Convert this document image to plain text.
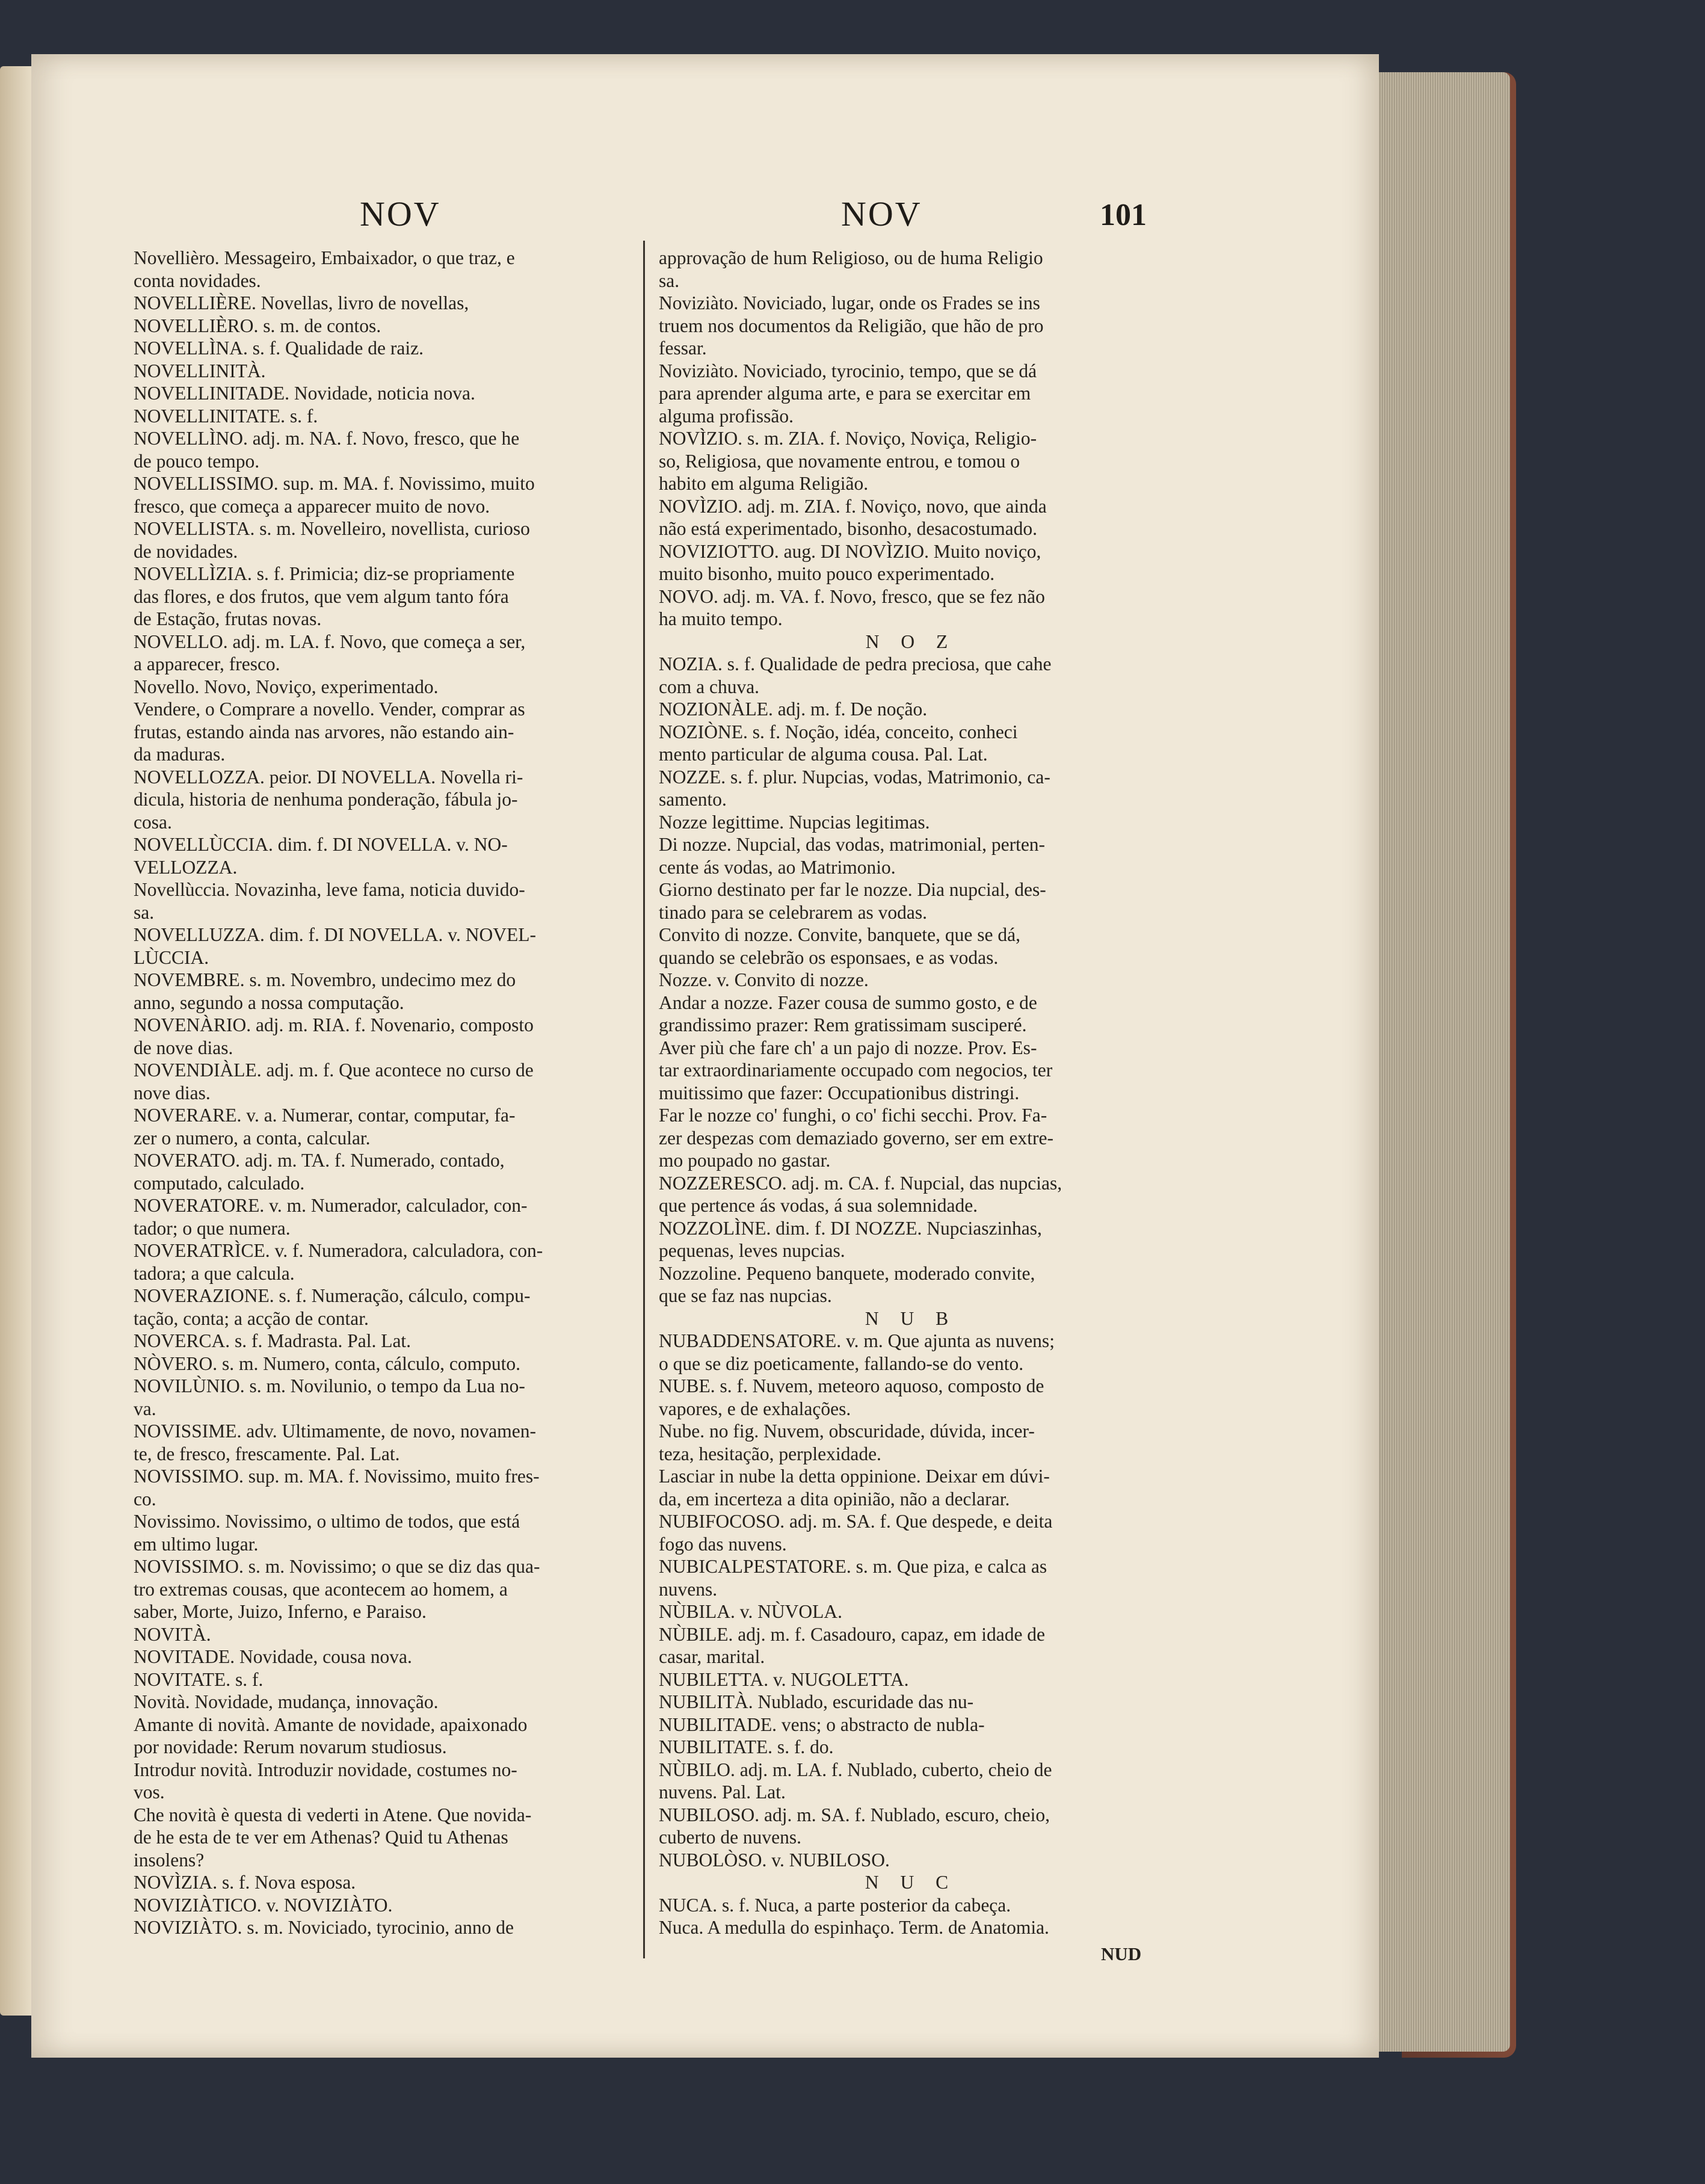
NOV	NOV	101
Novellièro. Messageiro, Embaixador, o que traz, e
conta novidades.
NOVELLIÈRE. Novellas, livro de novellas,
NOVELLIÈRO. s. m. de contos.
NOVELLÌNA. s. f. Qualidade de raiz.
NOVELLINITÀ.
NOVELLINITADE. Novidade, noticia nova.
NOVELLINITATE. s. f.
NOVELLÌNO. adj. m. NA. f. Novo, fresco, que he
de pouco tempo.
NOVELLISSIMO. sup. m. MA. f. Novissimo, muito
fresco, que começa a apparecer muito de novo.
NOVELLISTA. s. m. Novelleiro, novellista, curioso
de novidades.
NOVELLÌZIA. s. f. Primicia; diz-se propriamente
das flores, e dos frutos, que vem algum tanto fóra
de Estação, frutas novas.
NOVELLO. adj. m. LA. f. Novo, que começa a ser,
a apparecer, fresco.
Novello. Novo, Noviço, experimentado.
Vendere, o Comprare a novello. Vender, comprar as
frutas, estando ainda nas arvores, não estando ain-
da maduras.
NOVELLOZZA. peior. DI NOVELLA. Novella ri-
dicula, historia de nenhuma ponderação, fábula jo-
cosa.
NOVELLÙCCIA. dim. f. DI NOVELLA. v. NO-
VELLOZZA.
Novellùccia. Novazinha, leve fama, noticia duvido-
sa.
NOVELLUZZA. dim. f. DI NOVELLA. v. NOVEL-
LÙCCIA.
NOVEMBRE. s. m. Novembro, undecimo mez do
anno, segundo a nossa computação.
NOVENÀRIO. adj. m. RIA. f. Novenario, composto
de nove dias.
NOVENDIÀLE. adj. m. f. Que acontece no curso de
nove dias.
NOVERARE. v. a. Numerar, contar, computar, fa-
zer o numero, a conta, calcular.
NOVERATO. adj. m. TA. f. Numerado, contado,
computado, calculado.
NOVERATORE. v. m. Numerador, calculador, con-
tador; o que numera.
NOVERATRÌCE. v. f. Numeradora, calculadora, con-
tadora; a que calcula.
NOVERAZIONE. s. f. Numeração, cálculo, compu-
tação, conta; a acção de contar.
NOVERCA. s. f. Madrasta. Pal. Lat.
NÒVERO. s. m. Numero, conta, cálculo, computo.
NOVILÙNIO. s. m. Novilunio, o tempo da Lua no-
va.
NOVISSIME. adv. Ultimamente, de novo, novamen-
te, de fresco, frescamente. Pal. Lat.
NOVISSIMO. sup. m. MA. f. Novissimo, muito fres-
co.
Novissimo. Novissimo, o ultimo de todos, que está
em ultimo lugar.
NOVISSIMO. s. m. Novissimo; o que se diz das qua-
tro extremas cousas, que acontecem ao homem, a
saber, Morte, Juizo, Inferno, e Paraiso.
NOVITÀ.
NOVITADE. Novidade, cousa nova.
NOVITATE. s. f.
Novità. Novidade, mudança, innovação.
Amante di novità. Amante de novidade, apaixonado
por novidade: Rerum novarum studiosus.
Introdur novità. Introduzir novidade, costumes no-
vos.
Che novità è questa di vederti in Atene. Que novida-
de he esta de te ver em Athenas? Quid tu Athenas
insolens?
NOVÌZIA. s. f. Nova esposa.
NOVIZIÀTICO. v. NOVIZIÀTO.
NOVIZIÀTO. s. m. Noviciado, tyrocinio, anno de
approvação de hum Religioso, ou de huma Religio
sa.
Noviziàto. Noviciado, lugar, onde os Frades se ins
truem nos documentos da Religião, que hão de pro
fessar.
Noviziàto. Noviciado, tyrocinio, tempo, que se dá
para aprender alguma arte, e para se exercitar em
alguma profissão.
NOVÌZIO. s. m. ZIA. f. Noviço, Noviça, Religio-
so, Religiosa, que novamente entrou, e tomou o
habito em alguma Religião.
NOVÌZIO. adj. m. ZIA. f. Noviço, novo, que ainda
não está experimentado, bisonho, desacostumado.
NOVIZIOTTO. aug. DI NOVÌZIO. Muito noviço,
muito bisonho, muito pouco experimentado.
NOVO. adj. m. VA. f. Novo, fresco, que se fez não
ha muito tempo.
N O Z
NOZIA. s. f. Qualidade de pedra preciosa, que cahe
com a chuva.
NOZIONÀLE. adj. m. f. De noção.
NOZIÒNE. s. f. Noção, idéa, conceito, conheci
mento particular de alguma cousa. Pal. Lat.
NOZZE. s. f. plur. Nupcias, vodas, Matrimonio, ca-
samento.
Nozze legittime. Nupcias legitimas.
Di nozze. Nupcial, das vodas, matrimonial, perten-
cente ás vodas, ao Matrimonio.
Giorno destinato per far le nozze. Dia nupcial, des-
tinado para se celebrarem as vodas.
Convito di nozze. Convite, banquete, que se dá,
quando se celebrão os esponsaes, e as vodas.
Nozze. v. Convito di nozze.
Andar a nozze. Fazer cousa de summo gosto, e de
grandissimo prazer: Rem gratissimam susciperé.
Aver più che fare ch' a un pajo di nozze. Prov. Es-
tar extraordinariamente occupado com negocios, ter
muitissimo que fazer: Occupationibus distringi.
Far le nozze co' funghi, o co' fichi secchi. Prov. Fa-
zer despezas com demaziado governo, ser em extre-
mo poupado no gastar.
NOZZERESCO. adj. m. CA. f. Nupcial, das nupcias,
que pertence ás vodas, á sua solemnidade.
NOZZOLÌNE. dim. f. DI NOZZE. Nupciaszinhas,
pequenas, leves nupcias.
Nozzoline. Pequeno banquete, moderado convite,
que se faz nas nupcias.
N U B
NUBADDENSATORE. v. m. Que ajunta as nuvens;
o que se diz poeticamente, fallando-se do vento.
NUBE. s. f. Nuvem, meteoro aquoso, composto de
vapores, e de exhalações.
Nube. no fig. Nuvem, obscuridade, dúvida, incer-
teza, hesitação, perplexidade.
Lasciar in nube la detta oppinione. Deixar em dúvi-
da, em incerteza a dita opinião, não a declarar.
NUBIFOCOSO. adj. m. SA. f. Que despede, e deita
fogo das nuvens.
NUBICALPESTATORE. s. m. Que piza, e calca as
nuvens.
NÙBILA. v. NÙVOLA.
NÙBILE. adj. m. f. Casadouro, capaz, em idade de
casar, marital.
NUBILETTA. v. NUGOLETTA.
NUBILITÀ. Nublado, escuridade das nu-
NUBILITADE. vens; o abstracto de nubla-
NUBILITATE. s. f. do.
NÙBILO. adj. m. LA. f. Nublado, cuberto, cheio de
nuvens. Pal. Lat.
NUBILOSO. adj. m. SA. f. Nublado, escuro, cheio,
cuberto de nuvens.
NUBOLÒSO. v. NUBILOSO.
N U C
NUCA. s. f. Nuca, a parte posterior da cabeça.
Nuca. A medulla do espinhaço. Term. de Anatomia.
NUD
